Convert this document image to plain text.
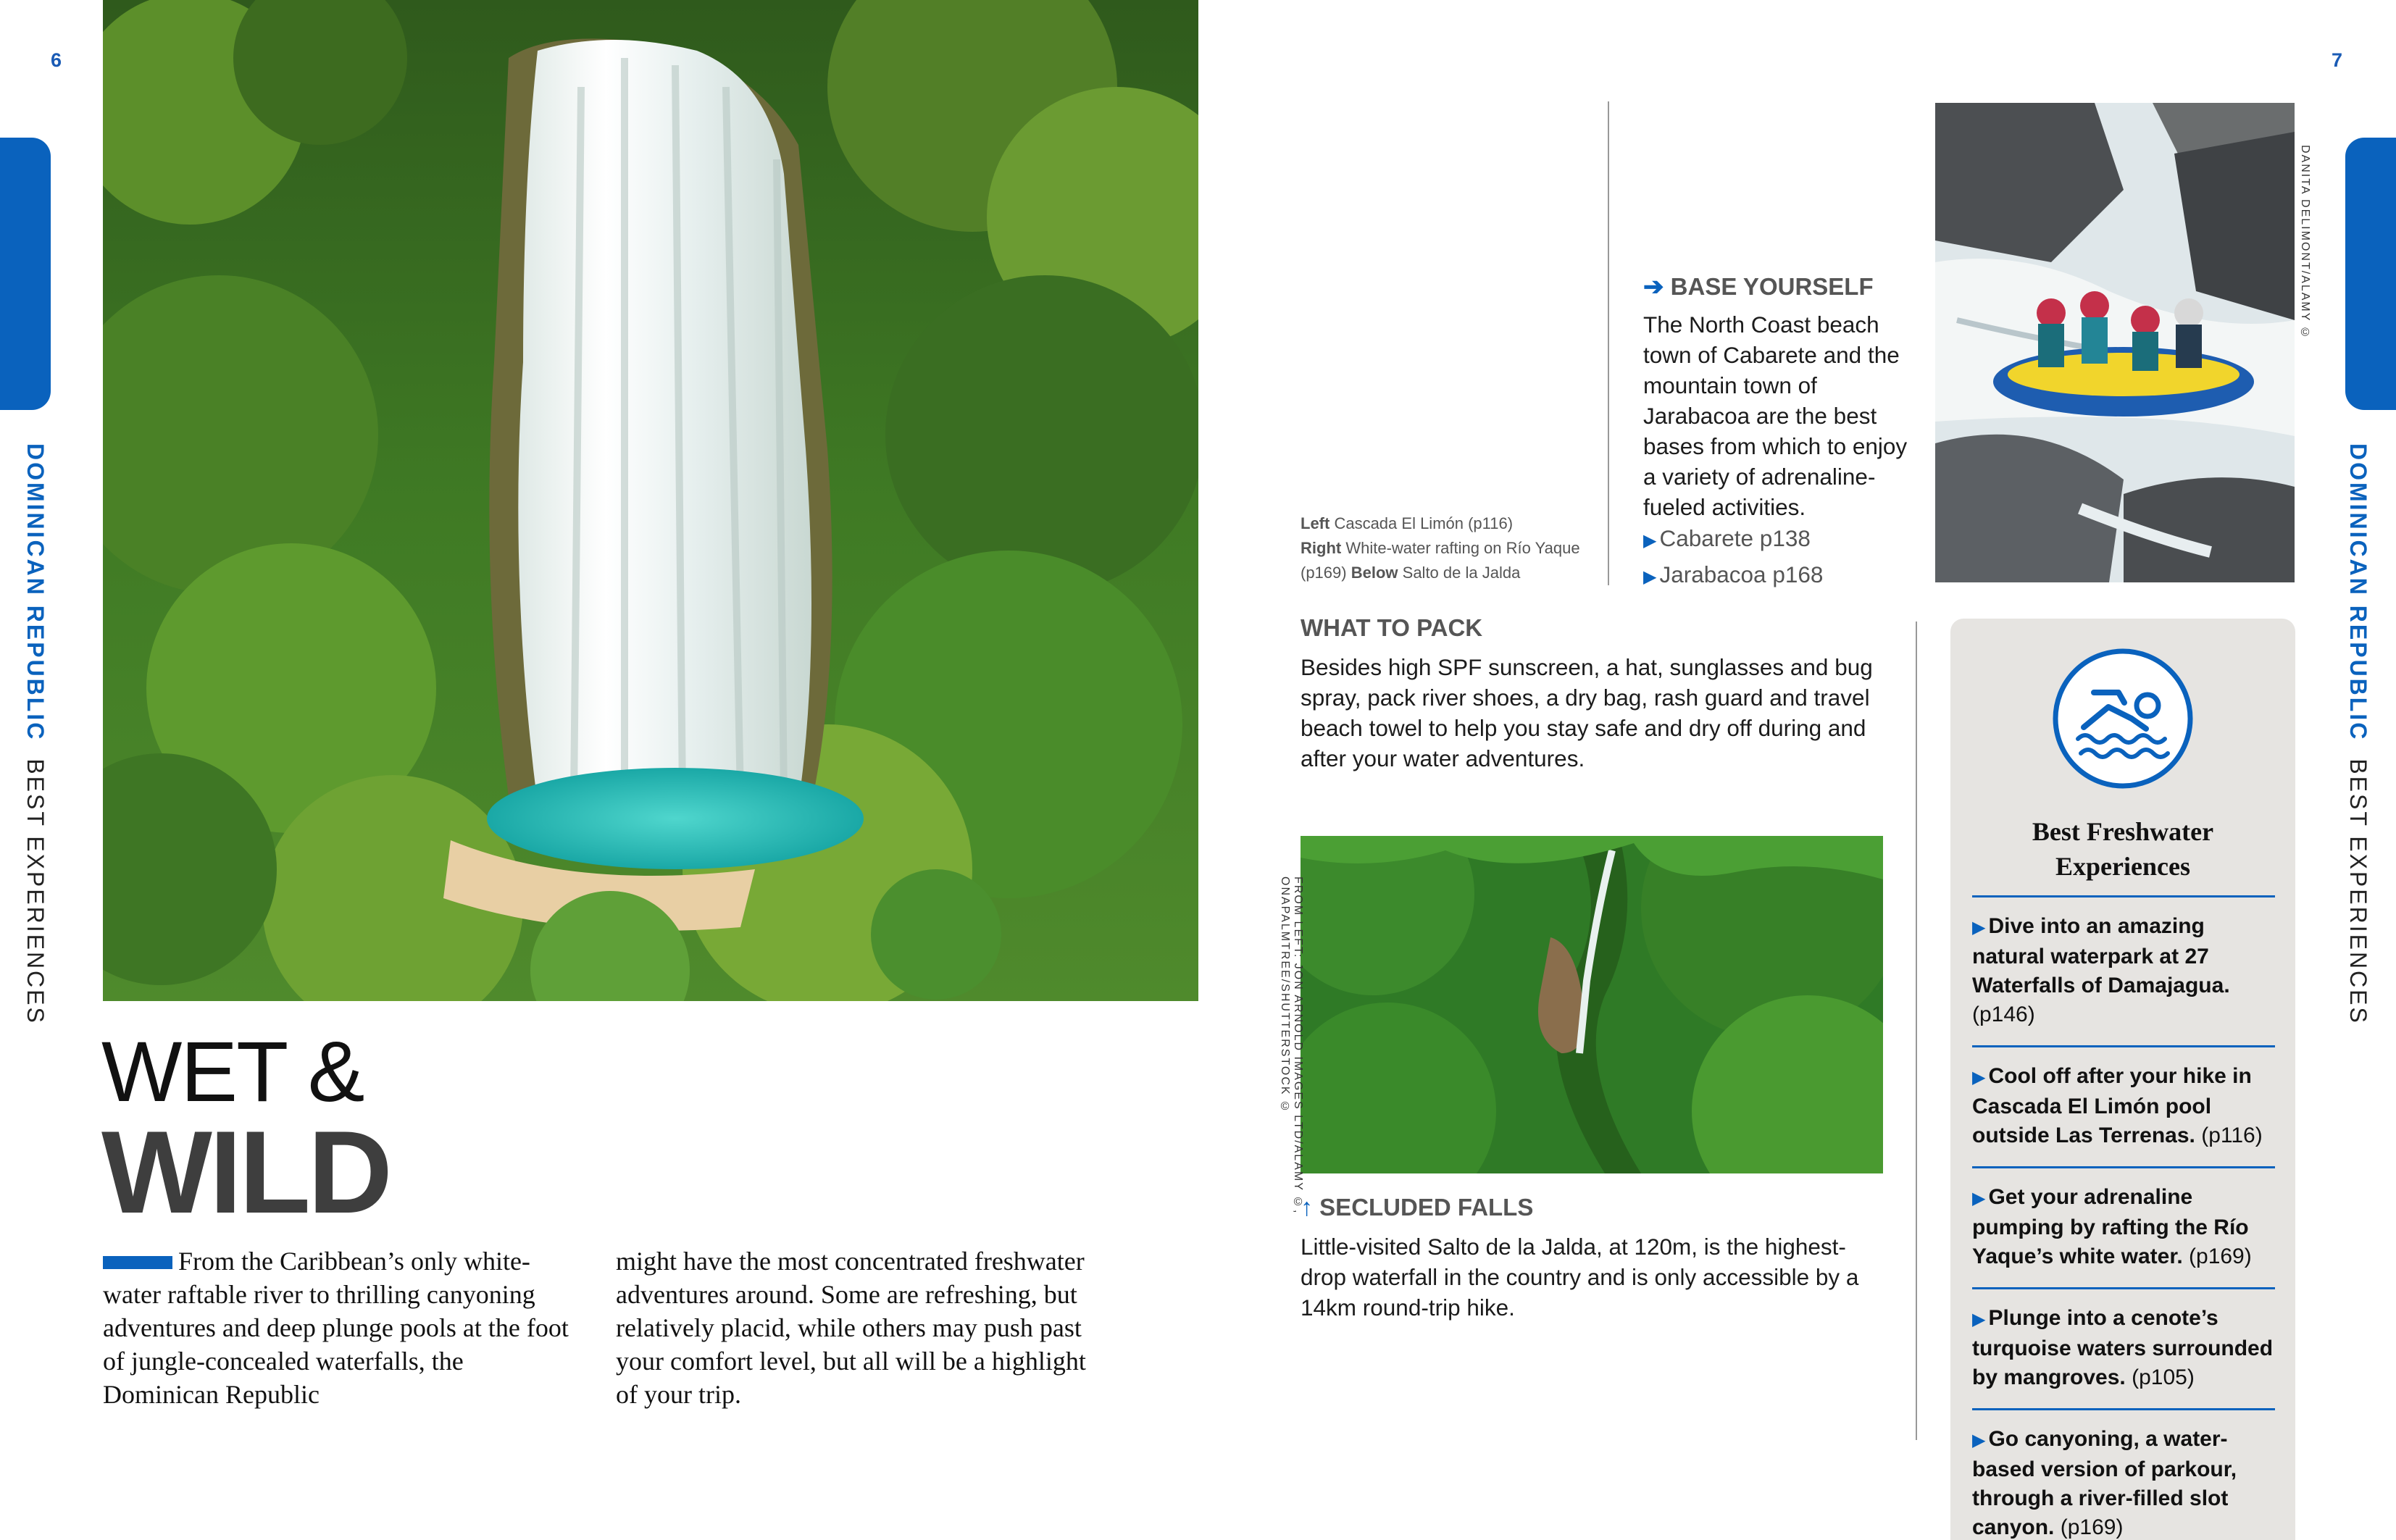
6	7
DOMINICAN REPUBLICBEST EXPERIENCES
DOMINICAN REPUBLICBEST EXPERIENCES
WET &
WILD
From the Caribbean’s only white-water raftable river to thrilling canyoning adventures and deep plunge pools at the foot of jungle-concealed waterfalls, the Dominican Republic
might have the most concentrated freshwater adventures around. Some are refreshing, but relatively placid, while others may push past your comfort level, but all will be a highlight of your trip.
Left Cascada El Limón (p116)
Right White-water rafting on Río Yaque (p169) Below Salto de la Jalda
➔ BASE YOURSELF
The North Coast beach town of Cabarete and the mountain town of Jarabacoa are the best bases from which to enjoy a variety of adrenaline-fueled activities.
▶ Cabarete p138
▶ Jarabacoa p168
DANITA DELIMONT/ALAMY ©
WHAT TO PACK
Besides high SPF sunscreen, a hat, sunglasses and bug spray, pack river shoes, a dry bag, rash guard and travel beach towel to help you stay safe and dry off during and after your water adventures.
FROM LEFT: JON ARNOLD IMAGES LTD/ALAMY ©,
ONAPALMTREE/SHUTTERSTOCK ©
↑ SECLUDED FALLS
Little-visited Salto de la Jalda, at 120m, is the highest-drop waterfall in the country and is only accessible by a 14km round-trip hike.
Best Freshwater
Experiences
▶ Dive into an amazing natural waterpark at 27 Waterfalls of Damajagua. (p146)
▶ Cool off after your hike in Cascada El Limón pool outside Las Terrenas. (p116)
▶ Get your adrenaline pumping by rafting the Río Yaque’s white water. (p169)
▶ Plunge into a cenote’s turquoise waters surrounded by mangroves. (p105)
▶ Go canyoning, a water-based version of parkour, through a river-filled slot canyon. (p169)
